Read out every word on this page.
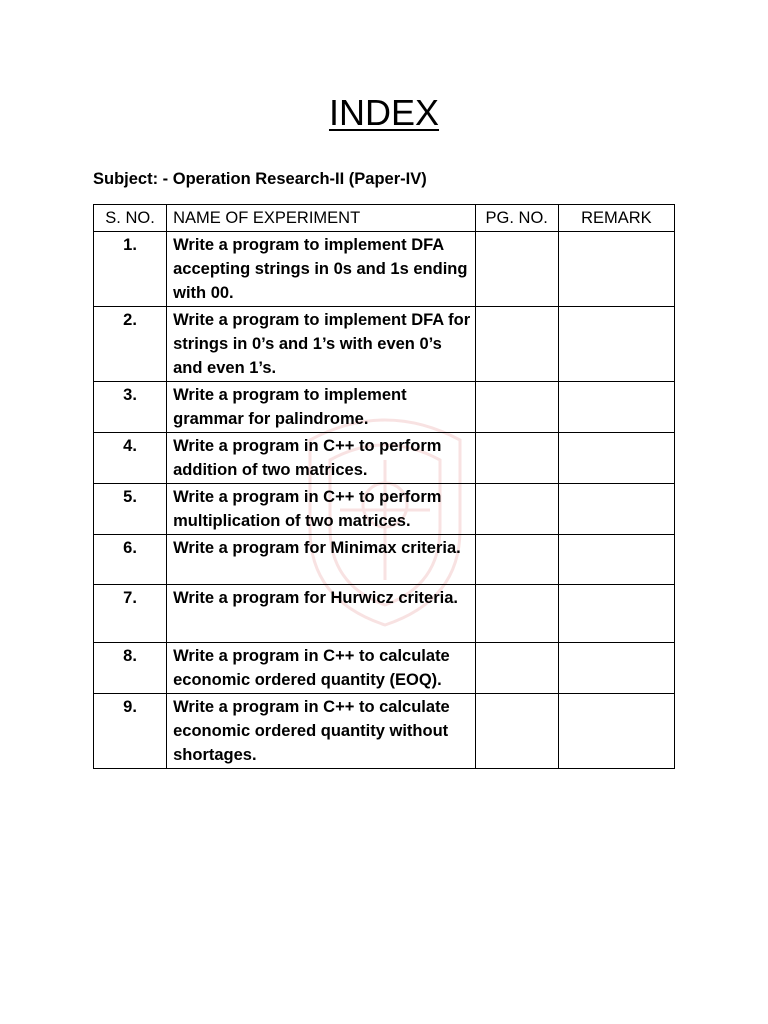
INDEX
Subject: - Operation Research-II (Paper-IV)
S. NO.	NAME OF EXPERIMENT	PG. NO.	REMARK
1.	Write a program to implement DFA accepting strings in 0s and 1s ending with 00.		
2.	Write a program to implement DFA for strings in 0’s and 1’s with even 0’s and even 1’s.		
3.	Write a program to implement grammar for palindrome.		
4.	Write a program in C++ to perform addition of two matrices.		
5.	Write a program in C++ to perform multiplication of two matrices.		
6.	Write a program for Minimax criteria.		
7.	Write a program for Hurwicz criteria.		
8.	Write a program in C++ to calculate economic ordered quantity (EOQ).		
9.	Write a program in C++ to calculate economic ordered quantity without shortages.		
